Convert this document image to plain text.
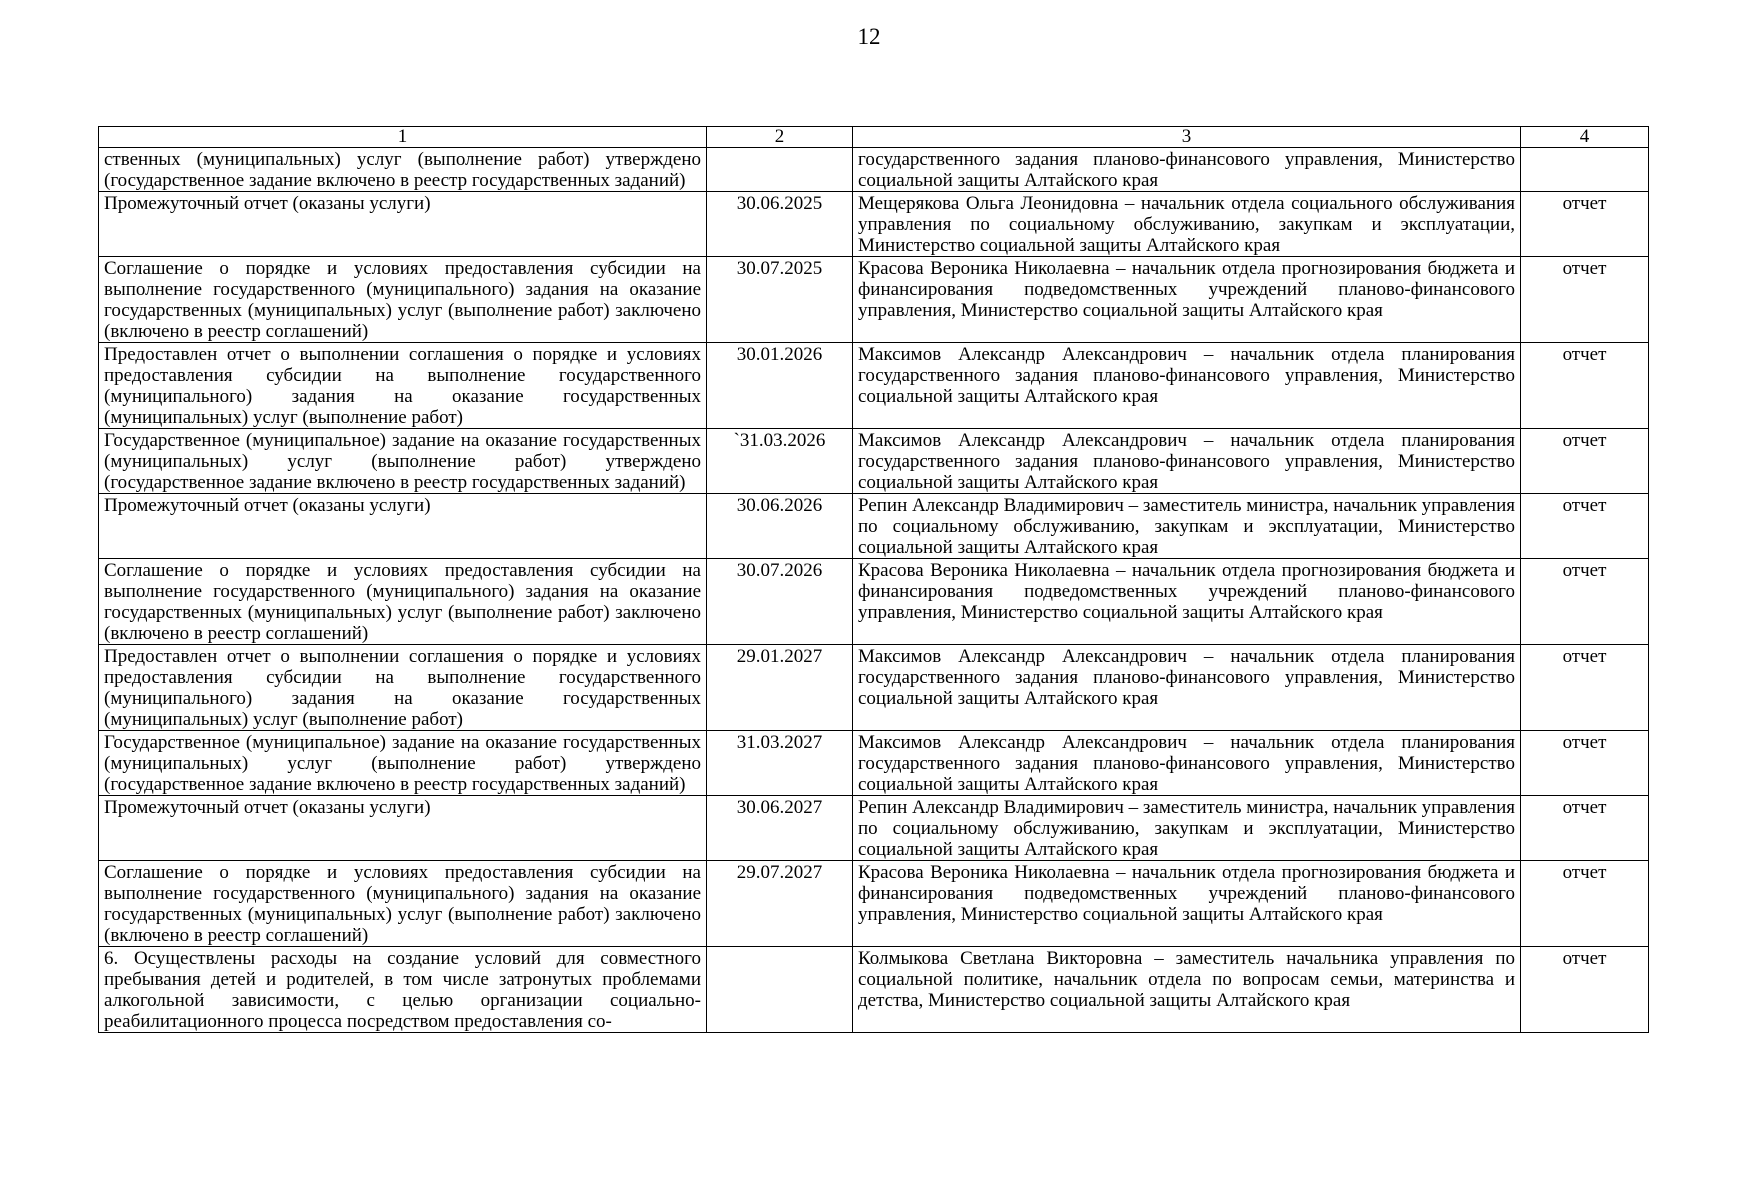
12
1	2	3	4
ственных (муниципальных) услуг (выполнение работ) утверждено (государственное задание включено в реестр государственных заданий)		государственного задания планово-финансового управления, Министерство социальной защиты Алтайского края	
Промежуточный отчет (оказаны услуги)	30.06.2025	Мещерякова Ольга Леонидовна – начальник отдела социального обслуживания управления по социальному обслуживанию, закупкам и эксплуатации, Министерство социальной защиты Алтайского края	отчет
Соглашение о порядке и условиях предоставления субсидии на выполнение государственного (муниципального) задания на оказание государственных (муниципальных) услуг (выполнение работ) заключено (включено в реестр соглашений)	30.07.2025	Красова Вероника Николаевна – начальник отдела прогнозирования бюджета и финансирования подведомственных учреждений планово-финансового управления, Министерство социальной защиты Алтайского края	отчет
Предоставлен отчет о выполнении соглашения о порядке и условиях предоставления субсидии на выполнение государственного (муниципального) задания на оказание государственных (муниципальных) услуг (выполнение работ)	30.01.2026	Максимов Александр Александрович – начальник отдела планирования государственного задания планово-финансового управления, Министерство социальной защиты Алтайского края	отчет
Государственное (муниципальное) задание на оказание государственных (муниципальных) услуг (выполнение работ) утверждено (государственное задание включено в реестр государственных заданий)	`31.03.2026	Максимов Александр Александрович – начальник отдела планирования государственного задания планово-финансового управления, Министерство социальной защиты Алтайского края	отчет
Промежуточный отчет (оказаны услуги)	30.06.2026	Репин Александр Владимирович – заместитель министра, начальник управления по социальному обслуживанию, закупкам и эксплуатации, Министерство социальной защиты Алтайского края	отчет
Соглашение о порядке и условиях предоставления субсидии на выполнение государственного (муниципального) задания на оказание государственных (муниципальных) услуг (выполнение работ) заключено (включено в реестр соглашений)	30.07.2026	Красова Вероника Николаевна – начальник отдела прогнозирования бюджета и финансирования подведомственных учреждений планово-финансового управления, Министерство социальной защиты Алтайского края	отчет
Предоставлен отчет о выполнении соглашения о порядке и условиях предоставления субсидии на выполнение государственного (муниципального) задания на оказание государственных (муниципальных) услуг (выполнение работ)	29.01.2027	Максимов Александр Александрович – начальник отдела планирования государственного задания планово-финансового управления, Министерство социальной защиты Алтайского края	отчет
Государственное (муниципальное) задание на оказание государственных (муниципальных) услуг (выполнение работ) утверждено (государственное задание включено в реестр государственных заданий)	31.03.2027	Максимов Александр Александрович – начальник отдела планирования государственного задания планово-финансового управления, Министерство социальной защиты Алтайского края	отчет
Промежуточный отчет (оказаны услуги)	30.06.2027	Репин Александр Владимирович – заместитель министра, начальник управления по социальному обслуживанию, закупкам и эксплуатации, Министерство социальной защиты Алтайского края	отчет
Соглашение о порядке и условиях предоставления субсидии на выполнение государственного (муниципального) задания на оказание государственных (муниципальных) услуг (выполнение работ) заключено (включено в реестр соглашений)	29.07.2027	Красова Вероника Николаевна – начальник отдела прогнозирования бюджета и финансирования подведомственных учреждений планово-финансового управления, Министерство социальной защиты Алтайского края	отчет
6. Осуществлены расходы на создание условий для совместного пребывания детей и родителей, в том числе затронутых проблемами алкогольной зависимости, с целью организации социально-реабилитационного процесса посредством предоставления со-		Колмыкова Светлана Викторовна – заместитель начальника управления по социальной политике, начальник отдела по вопросам семьи, материнства и детства, Министерство социальной защиты Алтайского края	отчет
